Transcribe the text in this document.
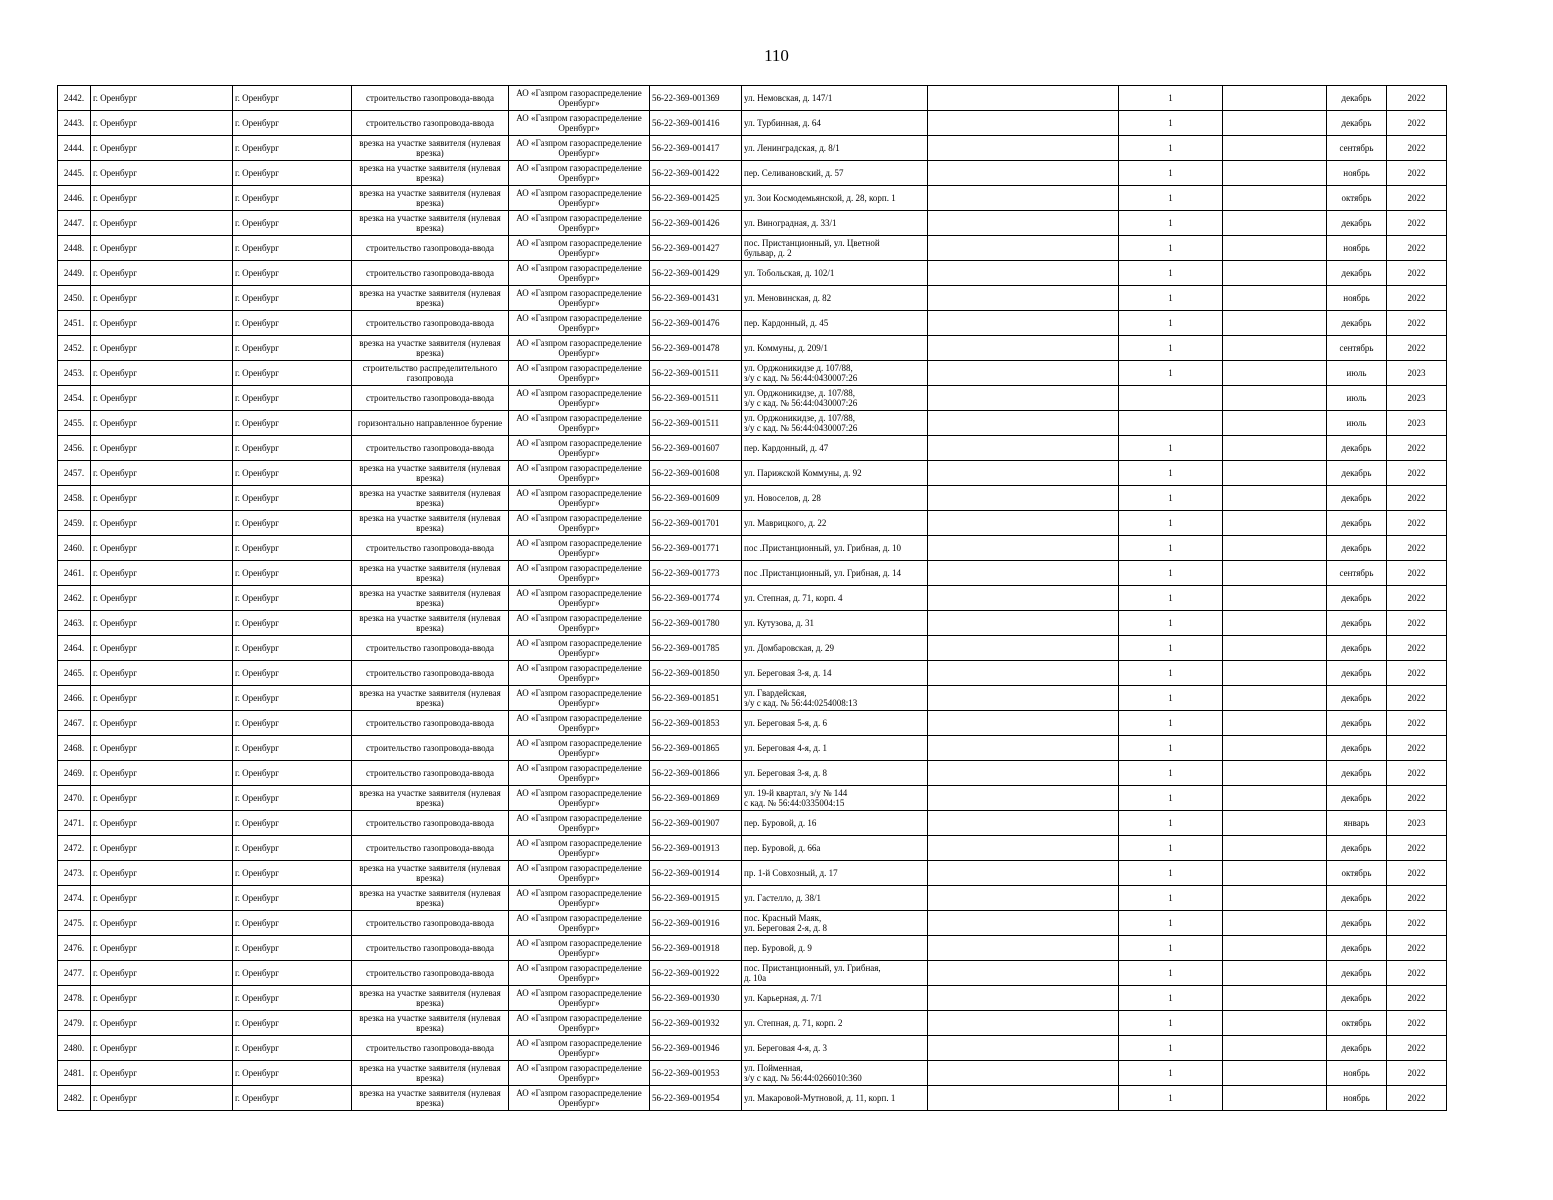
110
2442.	г. Оренбург	г. Оренбург	строительство газопровода-ввода	АО «Газпром газораспределение Оренбург»	56-22-369-001369	ул. Немовская, д. 147/1		1		декабрь	2022
2443.	г. Оренбург	г. Оренбург	строительство газопровода-ввода	АО «Газпром газораспределение Оренбург»	56-22-369-001416	ул. Турбинная, д. 64		1		декабрь	2022
2444.	г. Оренбург	г. Оренбург	врезка на участке заявителя (нулевая врезка)	АО «Газпром газораспределение Оренбург»	56-22-369-001417	ул. Ленинградская, д. 8/1		1		сентябрь	2022
2445.	г. Оренбург	г. Оренбург	врезка на участке заявителя (нулевая врезка)	АО «Газпром газораспределение Оренбург»	56-22-369-001422	пер. Селивановский, д. 57		1		ноябрь	2022
2446.	г. Оренбург	г. Оренбург	врезка на участке заявителя (нулевая врезка)	АО «Газпром газораспределение Оренбург»	56-22-369-001425	ул. Зои Космодемьянской, д. 28, корп. 1		1		октябрь	2022
2447.	г. Оренбург	г. Оренбург	врезка на участке заявителя (нулевая врезка)	АО «Газпром газораспределение Оренбург»	56-22-369-001426	ул. Виноградная, д. 33/1		1		декабрь	2022
2448.	г. Оренбург	г. Оренбург	строительство газопровода-ввода	АО «Газпром газораспределение Оренбург»	56-22-369-001427	пос. Пристанционный, ул. Цветной
бульвар, д. 2		1		ноябрь	2022
2449.	г. Оренбург	г. Оренбург	строительство газопровода-ввода	АО «Газпром газораспределение Оренбург»	56-22-369-001429	ул. Тобольская, д. 102/1		1		декабрь	2022
2450.	г. Оренбург	г. Оренбург	врезка на участке заявителя (нулевая врезка)	АО «Газпром газораспределение Оренбург»	56-22-369-001431	ул. Меновинская, д. 82		1		ноябрь	2022
2451.	г. Оренбург	г. Оренбург	строительство газопровода-ввода	АО «Газпром газораспределение Оренбург»	56-22-369-001476	пер. Кардонный, д. 45		1		декабрь	2022
2452.	г. Оренбург	г. Оренбург	врезка на участке заявителя (нулевая врезка)	АО «Газпром газораспределение Оренбург»	56-22-369-001478	ул. Коммуны, д. 209/1		1		сентябрь	2022
2453.	г. Оренбург	г. Оренбург	строительство распределительного газопровода	АО «Газпром газораспределение Оренбург»	56-22-369-001511	ул. Орджоникидзе д. 107/88,
з/у с кад. № 56:44:0430007:26		1		июль	2023
2454.	г. Оренбург	г. Оренбург	строительство газопровода-ввода	АО «Газпром газораспределение Оренбург»	56-22-369-001511	ул. Орджоникидзе, д. 107/88,
з/у с кад. № 56:44:0430007:26				июль	2023
2455.	г. Оренбург	г. Оренбург	горизонтально направленное бурение	АО «Газпром газораспределение Оренбург»	56-22-369-001511	ул. Орджоникидзе, д. 107/88,
з/у с кад. № 56:44:0430007:26				июль	2023
2456.	г. Оренбург	г. Оренбург	строительство газопровода-ввода	АО «Газпром газораспределение Оренбург»	56-22-369-001607	пер. Кардонный, д. 47		1		декабрь	2022
2457.	г. Оренбург	г. Оренбург	врезка на участке заявителя (нулевая врезка)	АО «Газпром газораспределение Оренбург»	56-22-369-001608	ул. Парижской Коммуны, д. 92		1		декабрь	2022
2458.	г. Оренбург	г. Оренбург	врезка на участке заявителя (нулевая врезка)	АО «Газпром газораспределение Оренбург»	56-22-369-001609	ул. Новоселов, д. 28		1		декабрь	2022
2459.	г. Оренбург	г. Оренбург	врезка на участке заявителя (нулевая врезка)	АО «Газпром газораспределение Оренбург»	56-22-369-001701	ул. Маврицкого, д. 22		1		декабрь	2022
2460.	г. Оренбург	г. Оренбург	строительство газопровода-ввода	АО «Газпром газораспределение Оренбург»	56-22-369-001771	пос .Пристанционный, ул. Грибная, д. 10		1		декабрь	2022
2461.	г. Оренбург	г. Оренбург	врезка на участке заявителя (нулевая врезка)	АО «Газпром газораспределение Оренбург»	56-22-369-001773	пос .Пристанционный, ул. Грибная, д. 14		1		сентябрь	2022
2462.	г. Оренбург	г. Оренбург	врезка на участке заявителя (нулевая врезка)	АО «Газпром газораспределение Оренбург»	56-22-369-001774	ул. Степная, д. 71, корп. 4		1		декабрь	2022
2463.	г. Оренбург	г. Оренбург	врезка на участке заявителя (нулевая врезка)	АО «Газпром газораспределение Оренбург»	56-22-369-001780	ул. Кутузова, д. 31		1		декабрь	2022
2464.	г. Оренбург	г. Оренбург	строительство газопровода-ввода	АО «Газпром газораспределение Оренбург»	56-22-369-001785	ул. Домбаровская, д. 29		1		декабрь	2022
2465.	г. Оренбург	г. Оренбург	строительство газопровода-ввода	АО «Газпром газораспределение Оренбург»	56-22-369-001850	ул. Береговая 3-я, д. 14		1		декабрь	2022
2466.	г. Оренбург	г. Оренбург	врезка на участке заявителя (нулевая врезка)	АО «Газпром газораспределение Оренбург»	56-22-369-001851	ул. Гвардейская,
з/у с кад. № 56:44:0254008:13		1		декабрь	2022
2467.	г. Оренбург	г. Оренбург	строительство газопровода-ввода	АО «Газпром газораспределение Оренбург»	56-22-369-001853	ул. Береговая 5-я, д. 6		1		декабрь	2022
2468.	г. Оренбург	г. Оренбург	строительство газопровода-ввода	АО «Газпром газораспределение Оренбург»	56-22-369-001865	ул. Береговая 4-я, д. 1		1		декабрь	2022
2469.	г. Оренбург	г. Оренбург	строительство газопровода-ввода	АО «Газпром газораспределение Оренбург»	56-22-369-001866	ул. Береговая 3-я, д. 8		1		декабрь	2022
2470.	г. Оренбург	г. Оренбург	врезка на участке заявителя (нулевая врезка)	АО «Газпром газораспределение Оренбург»	56-22-369-001869	ул. 19-й квартал, з/у № 144
с кад. № 56:44:0335004:15		1		декабрь	2022
2471.	г. Оренбург	г. Оренбург	строительство газопровода-ввода	АО «Газпром газораспределение Оренбург»	56-22-369-001907	пер. Буровой, д. 16		1		январь	2023
2472.	г. Оренбург	г. Оренбург	строительство газопровода-ввода	АО «Газпром газораспределение Оренбург»	56-22-369-001913	пер. Буровой, д. 66а		1		декабрь	2022
2473.	г. Оренбург	г. Оренбург	врезка на участке заявителя (нулевая врезка)	АО «Газпром газораспределение Оренбург»	56-22-369-001914	пр. 1-й Совхозный, д. 17		1		октябрь	2022
2474.	г. Оренбург	г. Оренбург	врезка на участке заявителя (нулевая врезка)	АО «Газпром газораспределение Оренбург»	56-22-369-001915	ул. Гастелло, д. 38/1		1		декабрь	2022
2475.	г. Оренбург	г. Оренбург	строительство газопровода-ввода	АО «Газпром газораспределение Оренбург»	56-22-369-001916	пос. Красный Маяк,
ул. Береговая 2-я, д. 8		1		декабрь	2022
2476.	г. Оренбург	г. Оренбург	строительство газопровода-ввода	АО «Газпром газораспределение Оренбург»	56-22-369-001918	пер. Буровой, д. 9		1		декабрь	2022
2477.	г. Оренбург	г. Оренбург	строительство газопровода-ввода	АО «Газпром газораспределение Оренбург»	56-22-369-001922	пос. Пристанционный, ул. Грибная,
д. 10а		1		декабрь	2022
2478.	г. Оренбург	г. Оренбург	врезка на участке заявителя (нулевая врезка)	АО «Газпром газораспределение Оренбург»	56-22-369-001930	ул. Карьерная, д. 7/1		1		декабрь	2022
2479.	г. Оренбург	г. Оренбург	врезка на участке заявителя (нулевая врезка)	АО «Газпром газораспределение Оренбург»	56-22-369-001932	ул. Степная, д. 71, корп. 2		1		октябрь	2022
2480.	г. Оренбург	г. Оренбург	строительство газопровода-ввода	АО «Газпром газораспределение Оренбург»	56-22-369-001946	ул. Береговая 4-я, д. 3		1		декабрь	2022
2481.	г. Оренбург	г. Оренбург	врезка на участке заявителя (нулевая врезка)	АО «Газпром газораспределение Оренбург»	56-22-369-001953	ул. Пойменная,
з/у с кад. № 56:44:0266010:360		1		ноябрь	2022
2482.	г. Оренбург	г. Оренбург	врезка на участке заявителя (нулевая врезка)	АО «Газпром газораспределение Оренбург»	56-22-369-001954	ул. Макаровой-Мутновой, д. 11, корп. 1		1		ноябрь	2022
